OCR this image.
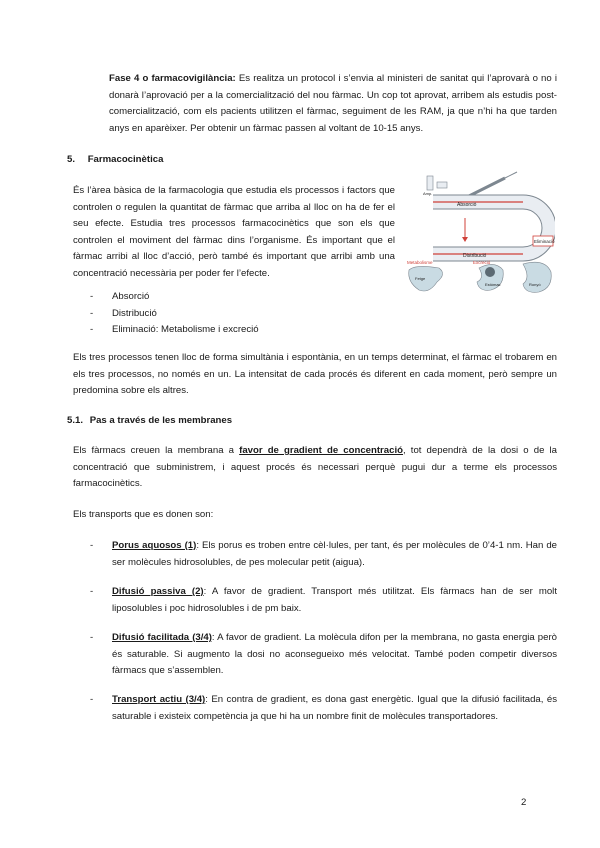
Fase 4 o farmacovigilància: Es realitza un protocol i s’envia al ministeri de sanitat qui l’aprovarà o no i donarà l’aprovació per a la comercialització del nou fàrmac. Un cop tot aprovat, arribem als estudis post-comercialització, com els pacients utilitzen el fàrmac, seguiment de les RAM, ja que n’hi ha que tarden anys en aparèixer. Per obtenir un fàrmac passen al voltant de 10-15 anys.
5. Farmacocinètica
És l’àrea bàsica de la farmacologia que estudia els processos i factors que controlen o regulen la quantitat de fàrmac que arriba al lloc on ha de fer el seu efecte. Estudia tres processos farmacocinètics que son els que controlen el moviment del fàrmac dins l’organisme. És important que el fàrmac arribi al lloc d’acció, però també és important que arribi amb una concentració necessària per poder fer l’efecte.
Absorció
Distribució
Eliminació
Metabolisme	Excreció
Fetge
Estómac	Ronyó
Amp.
- Absorció
- Distribució
- Eliminació: Metabolisme i excreció
Els tres processos tenen lloc de forma simultània i espontània, en un temps determinat, el fàrmac el trobarem en els tres processos, no només en un. La intensitat de cada procés és diferent en cada moment, però sempre un predomina sobre els altres.
5.1. Pas a través de les membranes
Els fàrmacs creuen la membrana a favor de gradient de concentració, tot dependrà de la dosi o de la concentració que subministrem, i aquest procés és necessari perquè pugui dur a terme els processos farmacocinètics.
Els transports que es donen son:
- Porus aquosos (1): Els porus es troben entre cèl·lules, per tant, és per molècules de 0’4-1 nm. Han de ser molècules hidrosolubles, de pes molecular petit (aigua).
- Difusió passiva (2): A favor de gradient. Transport més utilitzat. Els fàrmacs han de ser molt liposolubles i poc hidrosolubles i de pm baix.
- Difusió facilitada (3/4): A favor de gradient. La molècula difon per la membrana, no gasta energia però és saturable. Si augmento la dosi no aconsegueixo més velocitat. També poden competir diversos fàrmacs que s’assemblen.
- Transport actiu (3/4): En contra de gradient, es dona gast energètic. Igual que la difusió facilitada, és saturable i existeix competència ja que hi ha un nombre finit de molècules transportadores.
2
